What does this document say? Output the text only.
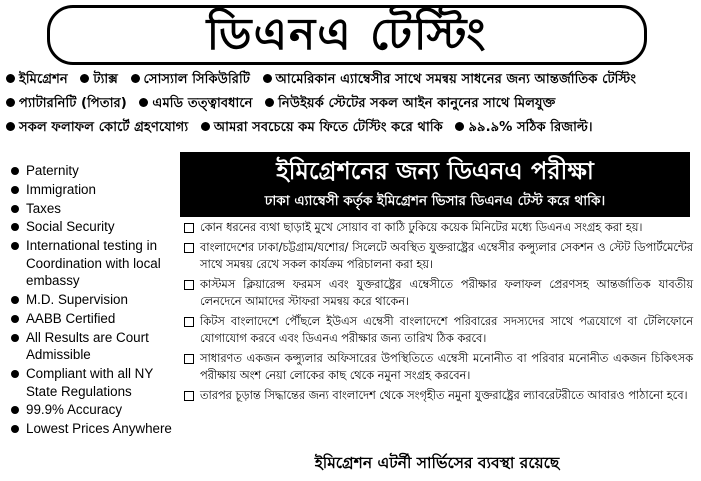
ডিএনএ টেস্টিং
ইমিগ্রেশন ট্যাক্স সোস্যাল সিকিউরিটি আমেরিকান এ্যাম্বেসীর সাথে সমন্বয় সাধনের জন্য আন্তর্জাতিক টেস্টিং
প্যাটারনিটি (পিতার) এমডি তত্ত্বাবধানে নিউইয়র্ক স্টেটের সকল আইন কানুনের সাথে মিলযুক্ত
সকল ফলাফল কোর্টে গ্রহণযোগ্য আমরা সবচেয়ে কম ফিতে টেস্টিং করে থাকি ৯৯.৯% সঠিক রিজাল্ট।
Paternity
Immigration
Taxes
Social Security
International testing in Coordination with local embassy
M.D. Supervision
AABB Certified
All Results are Court Admissible
Compliant with all NY State Regulations
99.9% Accuracy
Lowest Prices Anywhere
ইমিগ্রেশনের জন্য ডিএনএ পরীক্ষা
ঢাকা এ্যাম্বেসী কর্তৃক ইমিগ্রেশন ভিসার ডিএনএ টেস্ট করে থাকি।
কোন ধরনের ব্যথা ছাড়াই মুখে সোয়াব বা কাঠি ঢুকিয়ে কয়েক মিনিটের মধ্যে ডিএনএ সংগ্রহ করা হয়।
বাংলাদেশের ঢাকা/চট্টগ্রাম/যশোর/ সিলেটে অবস্থিত যুক্তরাষ্ট্রের এম্বেসীর কন্স্যুলার সেকশন ও স্টেট ডিপার্টমেন্টের সাথে সমন্বয় রেখে সকল কার্যক্রম পরিচালনা করা হয়।
কাস্টমস ক্লিয়ারেন্স ফরমস এবং যুক্তরাষ্ট্রের এম্বেসীতে পরীক্ষার ফলাফল প্রেরণসহ আন্তর্জাতিক যাবতীয় লেনদেনে আমাদের স্টাফরা সমন্বয় করে থাকেন।
কিটস বাংলাদেশে পৌঁছলে ইউএস এম্বেসী বাংলাদেশে পরিবারের সদস্যদের সাথে পত্রযোগে বা টেলিফোনে যোগাযোগ করবে এবং ডিএনএ পরীক্ষার জন্য তারিখ ঠিক করবে।
সাধারণত একজন কন্স্যুলার অফিসারের উপস্থিতিতে এম্বেসী মনোনীত বা পরিবার মনোনীত একজন চিকিৎসক পরীক্ষায় অংশ নেয়া লোকের কাছ থেকে নমুনা সংগ্রহ করবেন।
তারপর চূড়ান্ত সিদ্ধান্তের জন্য বাংলাদেশ থেকে সংগৃহীত নমুনা যুক্তরাষ্ট্রের ল্যাবরেটরীতে আবারও পাঠানো হবে।
ইমিগ্রেশন এটর্নী সার্ভিসের ব্যবস্থা রয়েছে
